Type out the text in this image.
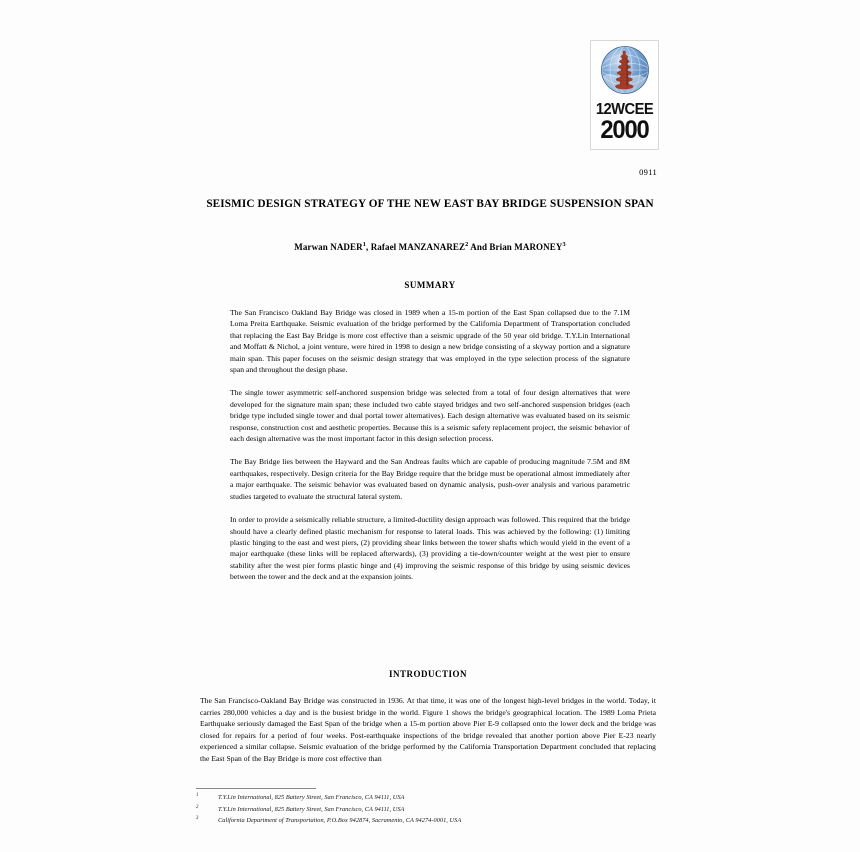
12WCEE
2000
0911
SEISMIC DESIGN STRATEGY OF THE NEW EAST BAY BRIDGE SUSPENSION SPAN
Marwan NADER$^1$, Rafael MANZANAREZ$^2$ And Brian MARONEY$^3$
SUMMARY

The San Francisco Oakland Bay Bridge was closed in 1989 when a 15-m portion of the East Span collapsed due to the 7.1M Loma Preita Earthquake. Seismic evaluation of the bridge performed by the California Department of Transportation concluded that replacing the East Bay Bridge is more cost effective than a seismic upgrade of the 50 year old bridge. T.Y.Lin International and Moffatt & Nichol, a joint venture, were hired in 1998 to design a new bridge consisting of a skyway portion and a signature main span. This paper focuses on the seismic design strategy that was employed in the type selection process of the signature span and throughout the design phase.

The single tower asymmetric self-anchored suspension bridge was selected from a total of four design alternatives that were developed for the signature main span; these included two cable stayed bridges and two self-anchored suspension bridges (each bridge type included single tower and dual portal tower alternatives). Each design alternative was evaluated based on its seismic response, construction cost and aesthetic properties. Because this is a seismic safety replacement project, the seismic behavior of each design alternative was the most important factor in this design selection process.

The Bay Bridge lies between the Hayward and the San Andreas faults which are capable of producing magnitude 7.5M and 8M earthquakes, respectively. Design criteria for the Bay Bridge require that the bridge must be operational almost immediately after a major earthquake. The seismic behavior was evaluated based on dynamic analysis, push-over analysis and various parametric studies targeted to evaluate the structural lateral system.

In order to provide a seismically reliable structure, a limited-ductility design approach was followed. This required that the bridge should have a clearly defined plastic mechanism for response to lateral loads. This was achieved by the following: (1) limiting plastic hinging to the east and west piers, (2) providing shear links between the tower shafts which would yield in the event of a major earthquake (these links will be replaced afterwards), (3) providing a tie-down/counter weight at the west pier to ensure stability after the west pier forms plastic hinge and (4) improving the seismic response of this bridge by using seismic devices between the tower and the deck and at the expansion joints.

INTRODUCTION

The San Francisco-Oakland Bay Bridge was constructed in 1936. At that time, it was one of the longest high-level bridges in the world. Today, it carries 280,000 vehicles a day and is the busiest bridge in the world. Figure 1 shows the bridge's geographical location. The 1989 Loma Prieta Earthquake seriously damaged the East Span of the bridge when a 15-m portion above Pier E-9 collapsed onto the lower deck and the bridge was closed for repairs for a period of four weeks. Post-earthquake inspections of the bridge revealed that another portion above Pier E-23 nearly experienced a similar collapse. Seismic evaluation of the bridge performed by the California Transportation Department concluded that replacing the East Span of the Bay Bridge is more cost effective than

1	T.Y.Lin International, 825 Battery Street, San Francisco, CA 94111, USA
2	T.Y.Lin International, 825 Battery Street, San Francisco, CA 94111, USA
3	California Department of Transportation, P.O.Box 942874, Sacramento, CA 94274-0001, USA
